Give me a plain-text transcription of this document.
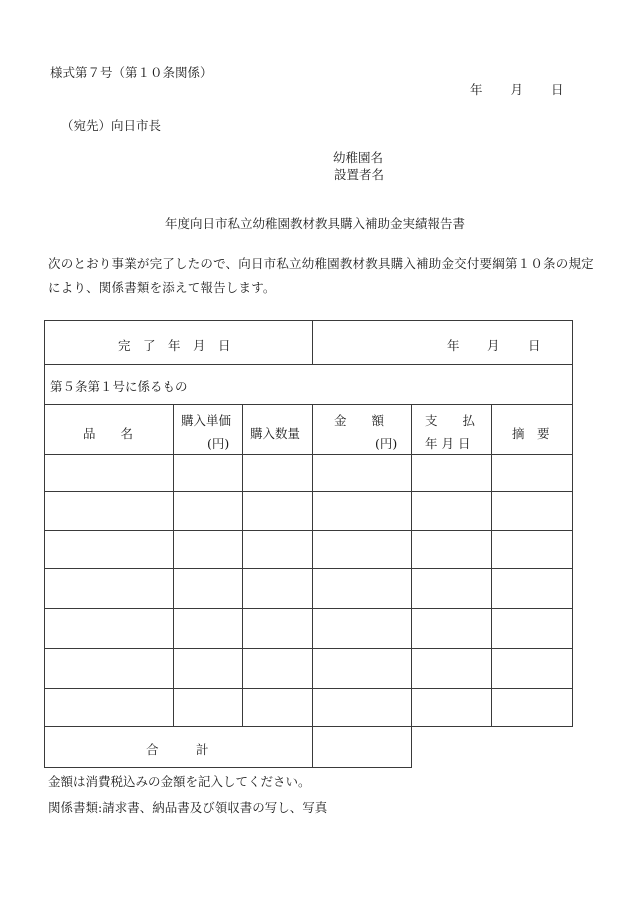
様式第７号（第１０条関係）
年 月 日
（宛先）向日市長
幼稚園名
設置者名
年度向日市私立幼稚園教材教具購入補助金実績報告書
次のとおり事業が完了したので、向日市私立幼稚園教材教具購入補助金交付要綱第１０条の規定により、関係書類を添えて報告します。
完　了　年　月　日	年 月 日
第５条第１号に係るもの
品　　名
購入単価
(円)
購入数量
金　　額
(円)
支　　払
年 月 日
摘　要
合　　　計
金額は消費税込みの金額を記入してください。
関係書類:請求書、納品書及び領収書の写し、写真
